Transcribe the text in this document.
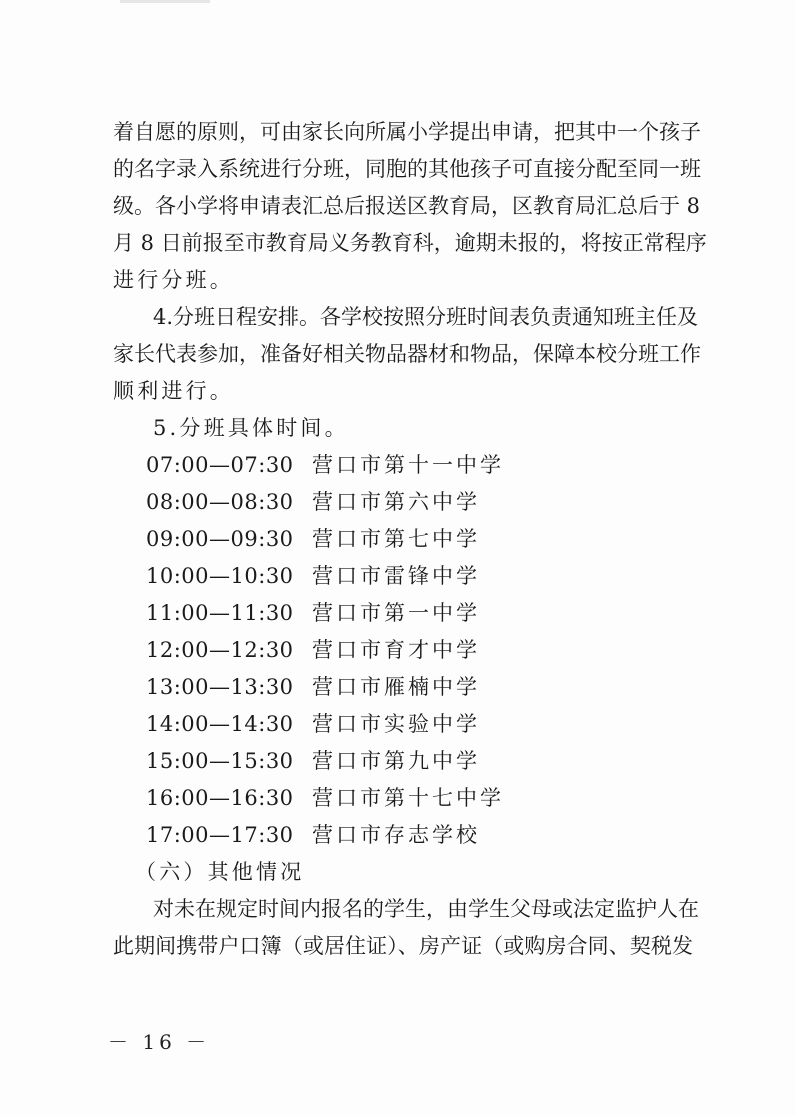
着自愿的原则，可由家长向所属小学提出申请，把其中一个孩子
的名字录入系统进行分班，同胞的其他孩子可直接分配至同一班
级。各小学将申请表汇总后报送区教育局，区教育局汇总后于 8
月 8 日前报至市教育局义务教育科，逾期未报的，将按正常程序
进行分班。
4.分班日程安排。各学校按照分班时间表负责通知班主任及
家长代表参加，准备好相关物品器材和物品，保障本校分班工作
顺利进行。
5.分班具体时间。
07:00—07:30 营口市第十一中学
08:00—08:30 营口市第六中学
09:00—09:30 营口市第七中学
10:00—10:30 营口市雷锋中学
11:00—11:30 营口市第一中学
12:00—12:30 营口市育才中学
13:00—13:30 营口市雁楠中学
14:00—14:30 营口市实验中学
15:00—15:30 营口市第九中学
16:00—16:30 营口市第十七中学
17:00—17:30 营口市存志学校
（六）其他情况
对未在规定时间内报名的学生，由学生父母或法定监护人在
此期间携带户口簿（或居住证）、房产证（或购房合同、契税发
－ 16 －
